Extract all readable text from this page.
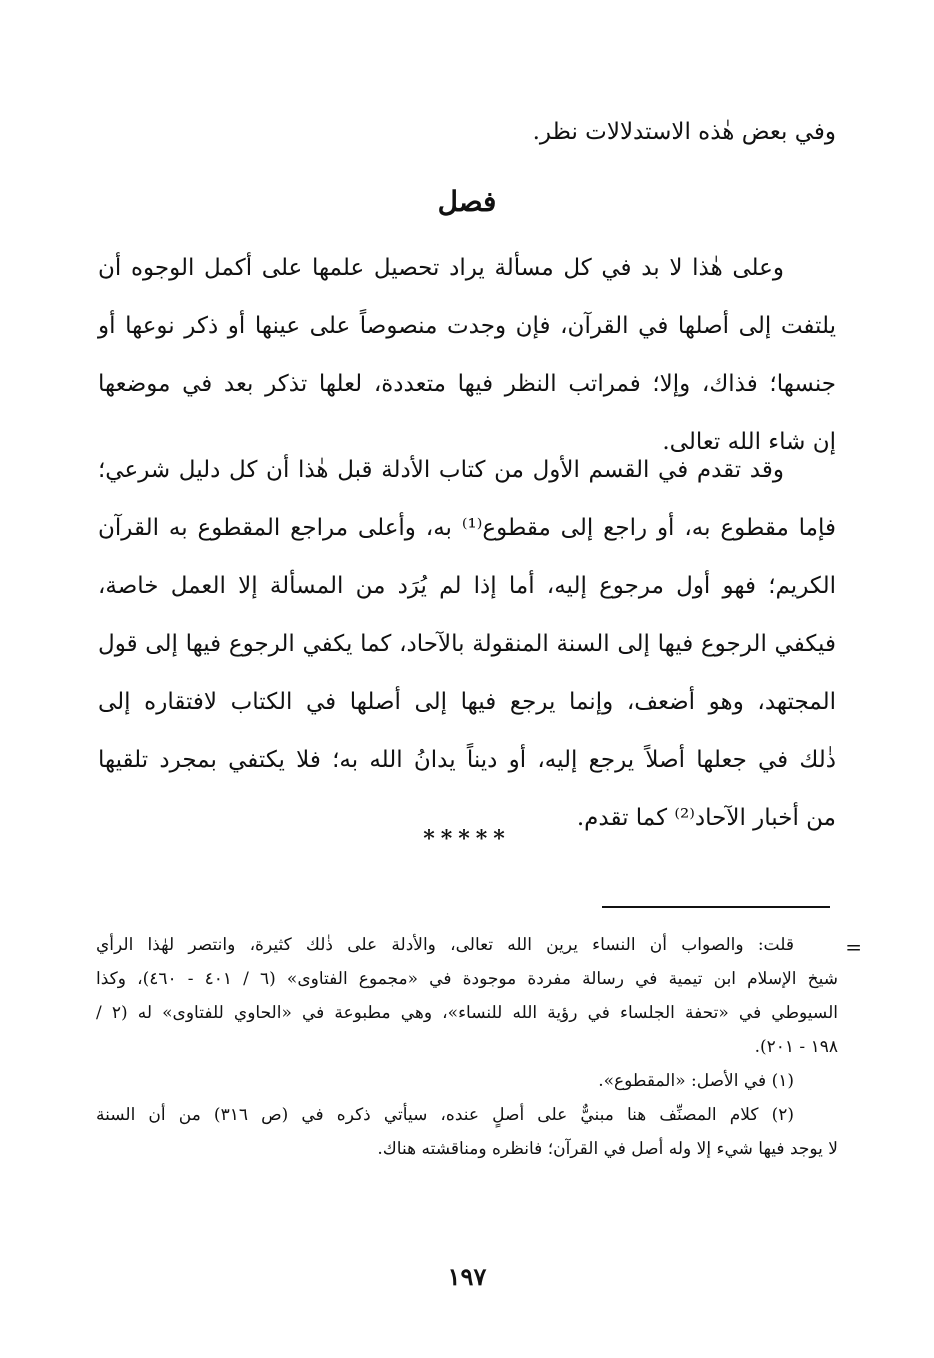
وفي بعض هٰذه الاستدلالات نظر.
فصل
وعلى هٰذا لا بد في كل مسألة يراد تحصيل علمها على أكمل الوجوه أن
يلتفت إلى أصلها في القرآن، فإن وجدت منصوصاً على عينها أو ذكر نوعها أو
جنسها؛ فذاك، وإلا؛ فمراتب النظر فيها متعددة، لعلها تذكر بعد في موضعها
إن شاء الله تعالى.
وقد تقدم في القسم الأول من كتاب الأدلة قبل هٰذا أن كل دليل شرعي؛
فإما مقطوع به، أو راجع إلى مقطوع⁽¹⁾ به، وأعلى مراجع المقطوع به القرآن
الكريم؛ فهو أول مرجوع إليه، أما إذا لم يُرَد من المسألة إلا العمل خاصة،
فيكفي الرجوع فيها إلى السنة المنقولة بالآحاد، كما يكفي الرجوع فيها إلى قول
المجتهد، وهو أضعف، وإنما يرجع فيها إلى أصلها في الكتاب لافتقاره إلى
ذٰلك في جعلها أصلاً يرجع إليه، أو ديناً يدانُ الله به؛ فلا يكتفي بمجرد تلقيها
من أخبار الآحاد⁽²⁾ كما تقدم.
*****
=
قلت: والصواب أن النساء يرين الله تعالى، والأدلة على ذٰلك كثيرة، وانتصر لهٰذا الرأي
شيخ الإسلام ابن تيمية في رسالة مفردة موجودة في «مجموع الفتاوى» (٦ / ٤٠١ - ٤٦٠)، وكذا
السيوطي في «تحفة الجلساء في رؤية الله للنساء»، وهي مطبوعة في «الحاوي للفتاوى» له (٢ /
١٩٨ - ٢٠١).
(١) في الأصل: «المقطوع».
(٢) كلام المصنِّف هنا مبنيٌّ على أصلٍ عنده، سيأتي ذكره في (ص ٣١٦) من أن السنة
لا يوجد فيها شيء إلا وله أصل في القرآن؛ فانظره ومناقشته هناك.
١٩٧
